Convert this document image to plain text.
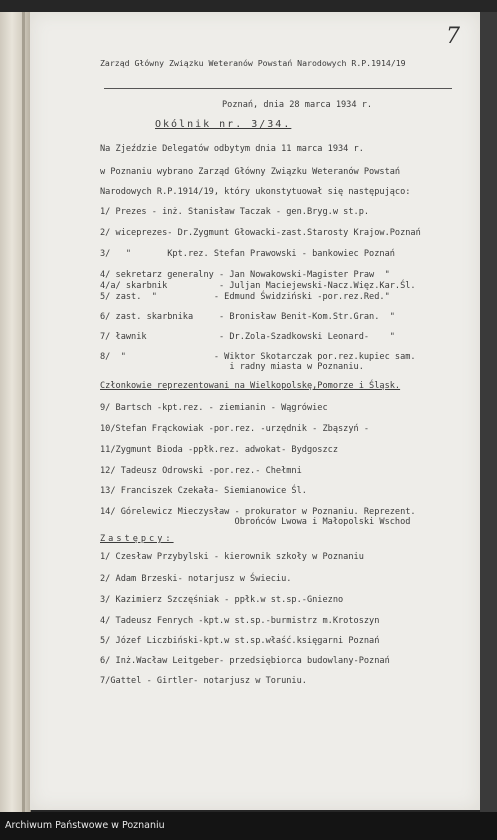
7
Zarząd Główny Związku Weteranów Powstań Narodowych R.P.1914/19
Poznań, dnia 28 marca 1934 r.
Okólnik nr. 3/34.
Na Zjeździe Delegatów odbytym dnia 11 marca 1934 r.
w Poznaniu wybrano Zarząd Główny Związku Weteranów Powstań
Narodowych R.P.1914/19, który ukonstytuował się następująco:
1/ Prezes - inż. Stanisław Taczak - gen.Bryg.w st.p.
2/ wiceprezes- Dr.Zygmunt Głowacki-zast.Starosty Krajow.Poznań
3/   "       Kpt.rez. Stefan Prawowski - bankowiec Poznań
4/ sekretarz generalny - Jan Nowakowski-Magister Praw  "
4/a/ skarbnik          - Juljan Maciejewski-Nacz.Więz.Kar.Śl.
5/ zast.  "           - Edmund Świdziński -por.rez.Red."
6/ zast. skarbnika     - Bronisław Benit-Kom.Str.Gran.  "
7/ ławnik              - Dr.Zola-Szadkowski Leonard-    "
8/  "                 - Wiktor Skotarczak por.rez.kupiec sam.
i radny miasta w Poznaniu.
Członkowie reprezentowani na Wielkopolskę,Pomorze i Śląsk.
9/ Bartsch -kpt.rez. - ziemianin - Wągrówiec
10/Stefan Frąckowiak -por.rez. -urzędnik - Zbąszyń -
11/Zygmunt Bioda -ppłk.rez. adwokat- Bydgoszcz
12/ Tadeusz Odrowski -por.rez.- Chełmni
13/ Franciszek Czekała- Siemianowice Śl.
14/ Górelewicz Mieczysław - prokurator w Poznaniu. Reprezent.
Obrońców Lwowa i Małopolski Wschod
Zastępcy:
1/ Czesław Przybylski - kierownik szkoły w Poznaniu
2/ Adam Brzeski- notarjusz w Świeciu.
3/ Kazimierz Szczęśniak - ppłk.w st.sp.-Gniezno
4/ Tadeusz Fenrych -kpt.w st.sp.-burmistrz m.Krotoszyn
5/ Józef Liczbiński-kpt.w st.sp.właść.księgarni Poznań
6/ Inż.Wacław Leitgeber- przedsiębiorca budowlany-Poznań
7/Gattel - Girtler- notarjusz w Toruniu.
Archiwum Państwowe w Poznaniu
